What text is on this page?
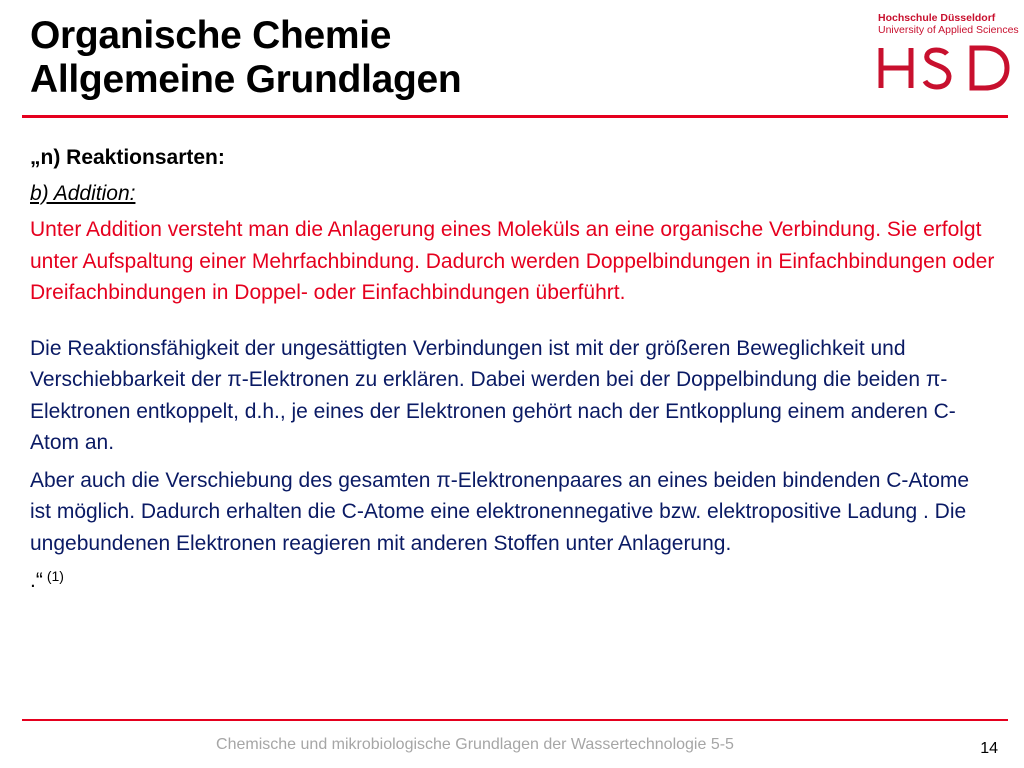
Organische Chemie
Allgemeine Grundlagen
Hochschule Düsseldorf
University of Applied Sciences

„n) Reaktionsarten:

b) Addition:

Unter Addition versteht man die Anlagerung eines Moleküls an eine organische Verbindung. Sie erfolgt unter Aufspaltung einer Mehrfachbindung. Dadurch werden Doppelbindungen in Einfachbindungen oder Dreifachbindungen in Doppel- oder Einfachbindungen überführt.

Die Reaktionsfähigkeit der ungesättigten Verbindungen ist mit der größeren Beweglichkeit und Verschiebbarkeit der π-Elektronen zu erklären. Dabei werden bei der Doppelbindung die beiden π-Elektronen entkoppelt, d.h., je eines der Elektronen gehört nach der Entkopplung einem anderen C-Atom an.

Aber auch die Verschiebung des gesamten π-Elektronenpaares an eines beiden bindenden C-Atome ist möglich. Dadurch erhalten die C-Atome eine elektronennegative bzw. elektropositive Ladung . Die ungebundenen Elektronen reagieren mit anderen Stoffen unter Anlagerung.

.“ $^{(1)}$

Chemische und mikrobiologische Grundlagen der Wassertechnologie 5-5	14
